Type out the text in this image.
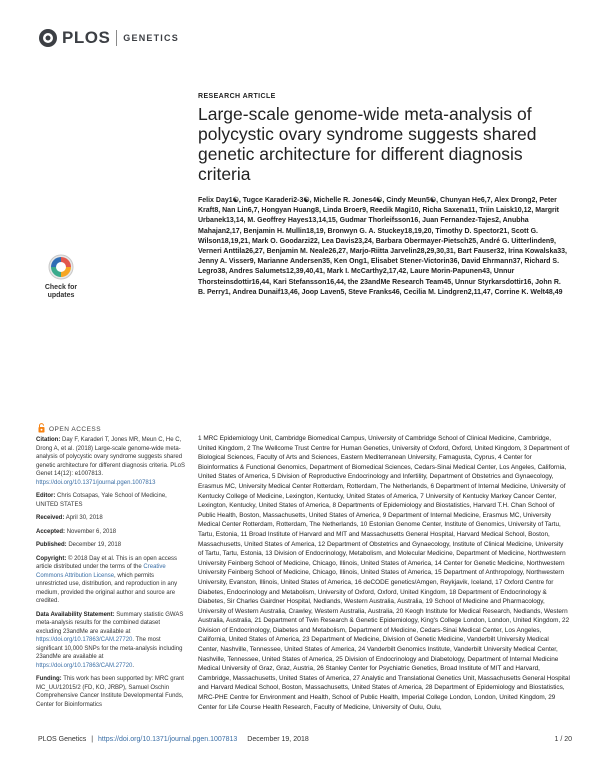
PLOS GENETICS
Check for
updates
OPEN ACCESS
RESEARCH ARTICLE
Large-scale genome-wide meta-analysis of polycystic ovary syndrome suggests shared genetic architecture for different diagnosis criteria
Felix Day1☯, Tugce Karaderi2-3☯, Michelle R. Jones4☯, Cindy Meun5☯, Chunyan He6,7, Alex Drong2, Peter Kraft8, Nan Lin6,7, Hongyan Huang8, Linda Broer9, Reedik Magi10, Richa Saxena11, Triin Laisk10,12, Margrit Urbanek13,14, M. Geoffrey Hayes13,14,15, Gudmar Thorleifsson16, Juan Fernandez-Tajes2, Anubha Mahajan2,17, Benjamin H. Mullin18,19, Bronwyn G. A. Stuckey18,19,20, Timothy D. Spector21, Scott G. Wilson18,19,21, Mark O. Goodarzi22, Lea Davis23,24, Barbara Obermayer-Pietsch25, André G. Uitterlinden9, Verneri Anttila26,27, Benjamin M. Neale26,27, Marjo-Riitta Jarvelin28,29,30,31, Bart Fauser32, Irina Kowalska33, Jenny A. Visser9, Marianne Andersen35, Ken Ong1, Elisabet Stener-Victorin36, David Ehrmann37, Richard S. Legro38, Andres Salumets12,39,40,41, Mark I. McCarthy2,17,42, Laure Morin-Papunen43, Unnur Thorsteinsdottir16,44, Kari Stefansson16,44, the 23andMe Research Team45, Unnur Styrkarsdottir16, John R. B. Perry1, Andrea Dunaif13,46, Joop Laven5, Steve Franks46, Cecilia M. Lindgren2,11,47, Corrine K. Welt48,49
1 MRC Epidemiology Unit, Cambridge Biomedical Campus, University of Cambridge School of Clinical Medicine, Cambridge, United Kingdom, 2 The Wellcome Trust Centre for Human Genetics, University of Oxford, Oxford, United Kingdom, 3 Department of Biological Sciences, Faculty of Arts and Sciences, Eastern Mediterranean University, Famagusta, Cyprus, 4 Center for Bioinformatics & Functional Genomics, Department of Biomedical Sciences, Cedars-Sinai Medical Center, Los Angeles, California, United States of America, 5 Division of Reproductive Endocrinology and Infertility, Department of Obstetrics and Gynaecology, Erasmus MC, University Medical Center Rotterdam, Rotterdam, The Netherlands, 6 Department of Internal Medicine, University of Kentucky College of Medicine, Lexington, Kentucky, United States of America, 7 University of Kentucky Markey Cancer Center, Lexington, Kentucky, United States of America, 8 Departments of Epidemiology and Biostatistics, Harvard T.H. Chan School of Public Health, Boston, Massachusetts, United States of America, 9 Department of Internal Medicine, Erasmus MC, University Medical Center Rotterdam, Rotterdam, The Netherlands, 10 Estonian Genome Center, Institute of Genomics, University of Tartu, Tartu, Estonia, 11 Broad Institute of Harvard and MIT and Massachusetts General Hospital, Harvard Medical School, Boston, Massachusetts, United States of America, 12 Department of Obstetrics and Gynaecology, Institute of Clinical Medicine, University of Tartu, Tartu, Estonia, 13 Division of Endocrinology, Metabolism, and Molecular Medicine, Department of Medicine, Northwestern University Feinberg School of Medicine, Chicago, Illinois, United States of America, 14 Center for Genetic Medicine, Northwestern University Feinberg School of Medicine, Chicago, Illinois, United States of America, 15 Department of Anthropology, Northwestern University, Evanston, Illinois, United States of America, 16 deCODE genetics/Amgen, Reykjavik, Iceland, 17 Oxford Centre for Diabetes, Endocrinology and Metabolism, University of Oxford, Oxford, United Kingdom, 18 Department of Endocrinology & Diabetes, Sir Charles Gairdner Hospital, Nedlands, Western Australia, Australia, 19 School of Medicine and Pharmacology, University of Western Australia, Crawley, Western Australia, Australia, 20 Keogh Institute for Medical Research, Nedlands, Western Australia, Australia, 21 Department of Twin Research & Genetic Epidemiology, King's College London, London, United Kingdom, 22 Division of Endocrinology, Diabetes and Metabolism, Department of Medicine, Cedars-Sinai Medical Center, Los Angeles, California, United States of America, 23 Department of Medicine, Division of Genetic Medicine, Vanderbilt University Medical Center, Nashville, Tennessee, United States of America, 24 Vanderbilt Genomics Institute, Vanderbilt University Medical Center, Nashville, Tennessee, United States of America, 25 Division of Endocrinology and Diabetology, Department of Internal Medicine Medical University of Graz, Graz, Austria, 26 Stanley Center for Psychiatric Genetics, Broad Institute of MIT and Harvard, Cambridge, Massachusetts, United States of America, 27 Analytic and Translational Genetics Unit, Massachusetts General Hospital and Harvard Medical School, Boston, Massachusetts, United States of America, 28 Department of Epidemiology and Biostatistics, MRC-PHE Centre for Environment and Health, School of Public Health, Imperial College London, London, United Kingdom, 29 Center for Life Course Health Research, Faculty of Medicine, University of Oulu, Oulu,

Citation: Day F, Karaderi T, Jones MR, Meun C, He C, Drong A, et al. (2018) Large-scale genome-wide meta-analysis of polycystic ovary syndrome suggests shared genetic architecture for different diagnosis criteria. PLoS Genet 14(12): e1007813. https://doi.org/10.1371/journal.pgen.1007813

Editor: Chris Cotsapas, Yale School of Medicine, UNITED STATES

Received: April 30, 2018

Accepted: November 6, 2018

Published: December 19, 2018

Copyright: © 2018 Day et al. This is an open access article distributed under the terms of the Creative Commons Attribution License, which permits unrestricted use, distribution, and reproduction in any medium, provided the original author and source are credited.

Data Availability Statement: Summary statistic GWAS meta-analysis results for the combined dataset excluding 23andMe are available at https://doi.org/10.17863/CAM.27720. The most significant 10,000 SNPs for the meta-analysis including 23andMe are available at https://doi.org/10.17863/CAM.27720.

Funding: This work has been supported by: MRC grant MC_UU/12015/2 (FD, KO, JRBP), Samuel Oschin Comprehensive Cancer Institute Developmental Funds, Center for Bioinformatics

PLOS Genetics | https://doi.org/10.1371/journal.pgen.1007813 December 19, 2018	1 / 20
